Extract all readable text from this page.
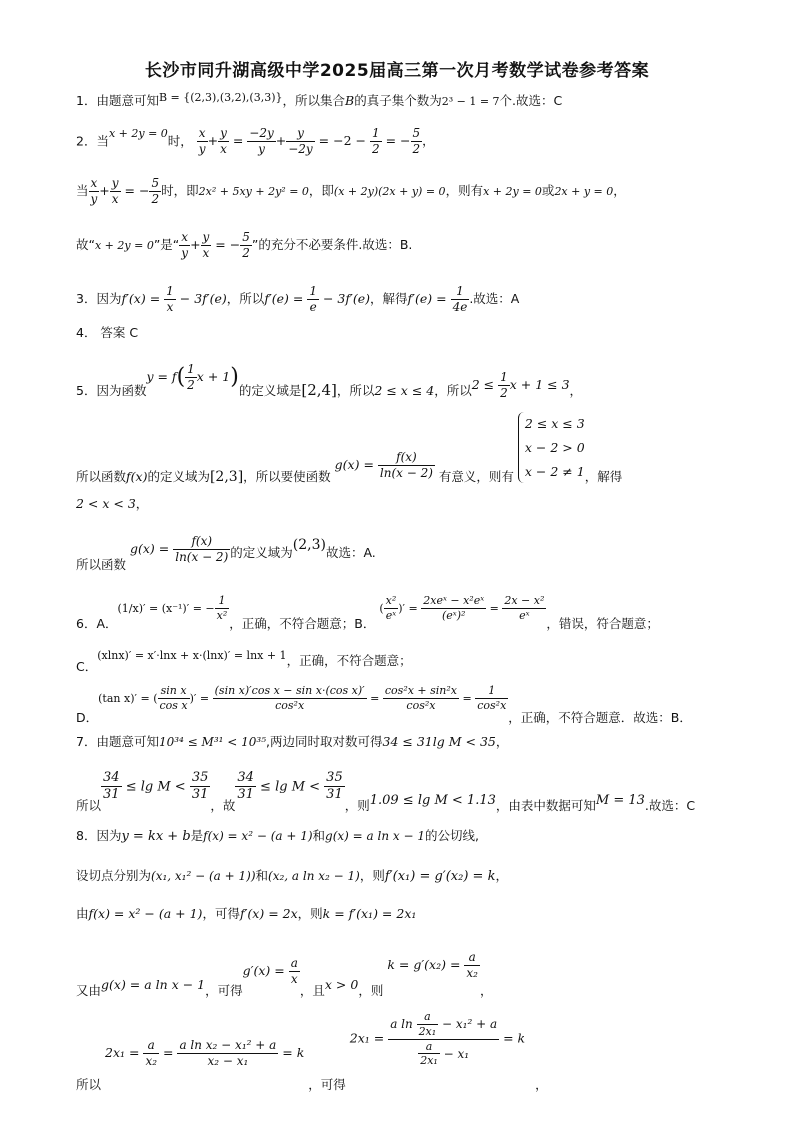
长沙市同升湖高级中学2025届高三第一次月考数学试卷参考答案
1．由题意可知B = {(2,3),(3,2),(3,3)}，所以集合B的真子集个数为2³ − 1 = 7个.故选：C
2．当x + 2y = 0时， $\frac{x}{y} + \frac{y}{x} = \frac{-2y}{y} + \frac{y}{-2y} = -2 - \frac{1}{2}$ = − $\frac{5}{2}$ ，
当 $\frac{x}{y} + \frac{y}{x}$ = − $\frac{5}{2}$ 时，即2x² + 5xy + 2y² = 0，即(x + 2y)(2x + y) = 0，则有x + 2y = 0或2x + y = 0，
故“x + 2y = 0”是“ $\frac{x}{y} + \frac{y}{x}$ = − $\frac{5}{2}$ ”的充分不必要条件.故选：B.
3．因为$f'(x) = \frac{1}{x} - 3f'(e)$，所以$f'(e) = \frac{1}{e} - 3f'(e)$，解得$f'(e) = \frac{1}{4e}$ .故选：A
4． 答案 C
5．因为函数$y = f( \frac{1}{2}$ x + 1)的定义域是[2,4]，所以2 ≤ x ≤ 4，所以$2 \le \frac{1}{2}$ x + 1 ≤ 3，
所以函数f(x)的定义域为[2,3]，所以要使函数 $g(x) = \frac{f(x)}{\ln(x - 2)}$ 有意义，则有
2 ≤ x ≤ 3
x − 2 > 0
x − 2 ≠ 1 ，解得
2 < x < 3，
所以函数 $g(x) = \frac{f(x)}{\ln(x - 2)}$ 的定义域为(2,3)故选：A.
6．A．(1/x)′ = (x⁻¹)′ = − $\frac{1}{\text{x²}}$
，正确，不符合题意；B． ( $\frac{\text{x²}}{\text{eˣ}}$ )′ = $\frac{\text{2xeˣ − x²eˣ}}{\text{(eˣ)²}} = \frac{\text{2x − x²}}{\text{eˣ}}$
，错误，符合题意；
C．(xlnx)′ = x′·lnx + x·(lnx)′ = lnx + 1，正确，不符合题意；
D．(tan x)′ = ( $\frac{\text{sin x}}{\text{cos x}}$ )′ = $\frac{\text{(sin x)′cos x − sin x·(cos x)′}}{\text{cos²x}} = \frac{\text{cos²x + sin²x}}{\text{cos²x}} = \frac{1}{\text{cos²x}}$
，正确，不符合题意．故选：B．
7．由题意可知10³⁴ ≤ M³¹ < 10³⁵,两边同时取对数可得34 ≤ 31lg M < 35，
所以
$\frac{34}{31} \le \lg M < \frac{35}{31}$
，故
$\frac{34}{31} \le \lg M < \frac{35}{31}$
，则1.09 ≤ lg M < 1.13，由表中数据可知M = 13.故选：C
8．因为y = kx + b是f(x) = x² − (a + 1)和g(x) = a ln x − 1的公切线,
设切点分别为(x₁, x₁² − (a + 1))和(x₂, a ln x₂ − 1)，则f′(x₁) = g′(x₂) = k，
由f(x) = x² − (a + 1)，可得f′(x) = 2x，则k = f′(x₁) = 2x₁
又由g(x) = a ln x − 1，可得$g'(x) = \frac{a}{x}$
，且x > 0，则 $k = g'(x_2) = \frac{a}{\text{x₂}}$
，
所以 $2x_1 = \frac{a}{\text{x₂}} = \frac{\text{a ln x₂ − x₁² + a}}{\text{x₂ − x₁}} = k$ ，可得 $2x_1 = \frac{a \ln \frac{a}{\text{2x₁}} - x_1^2 + a}{\frac{a}{\text{2x₁}} - x_1} = k$ ，
